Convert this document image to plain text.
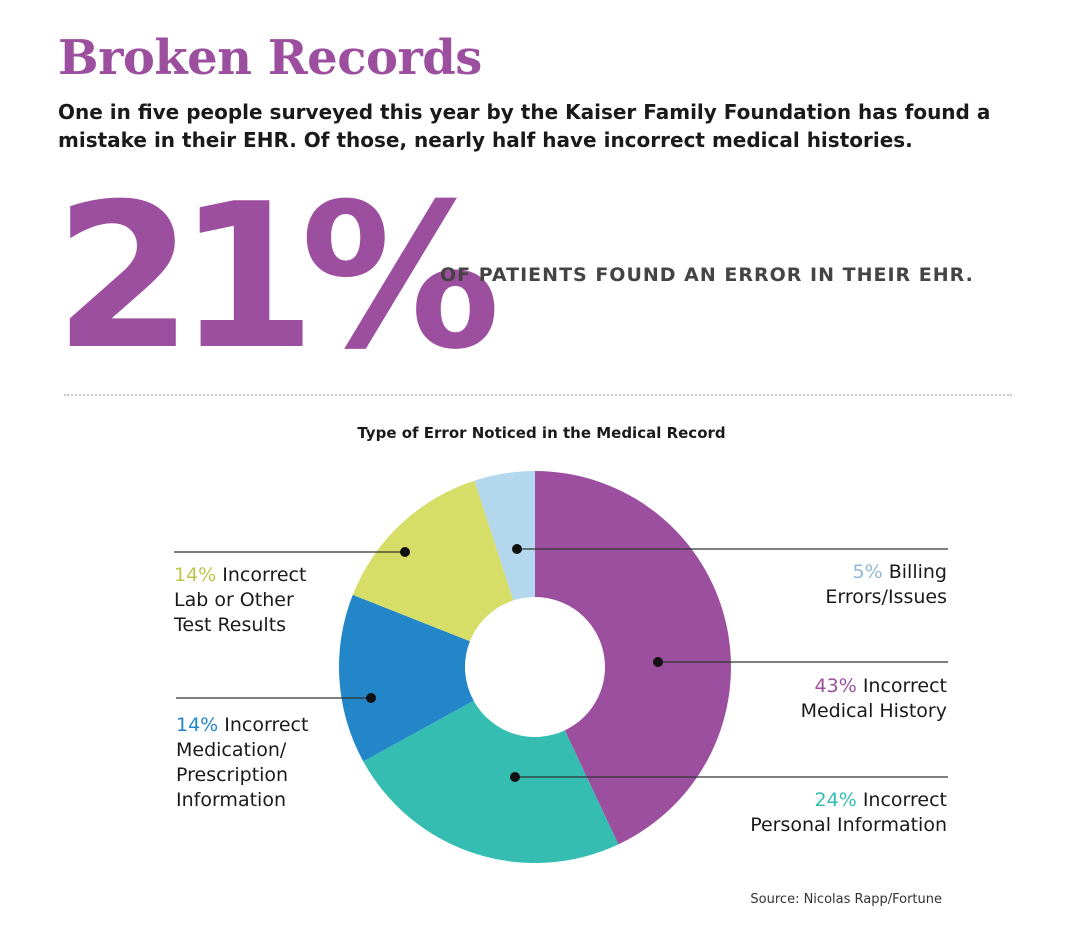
Broken Records

One in five people surveyed this year by the Kaiser Family Foundation has found a mistake in their EHR. Of those, nearly half have incorrect medical histories.

21%
OF PATIENTS FOUND AN ERROR IN THEIR EHR.
Type of Error Noticed in the Medical Record
43% Incorrect Medical History
24% Incorrect Personal Information
14% Incorrect Medication/ Prescription Information
14% Incorrect Lab or Other Test Results
5% Billing Errors/Issues
Source: Nicolas Rapp/Fortune
